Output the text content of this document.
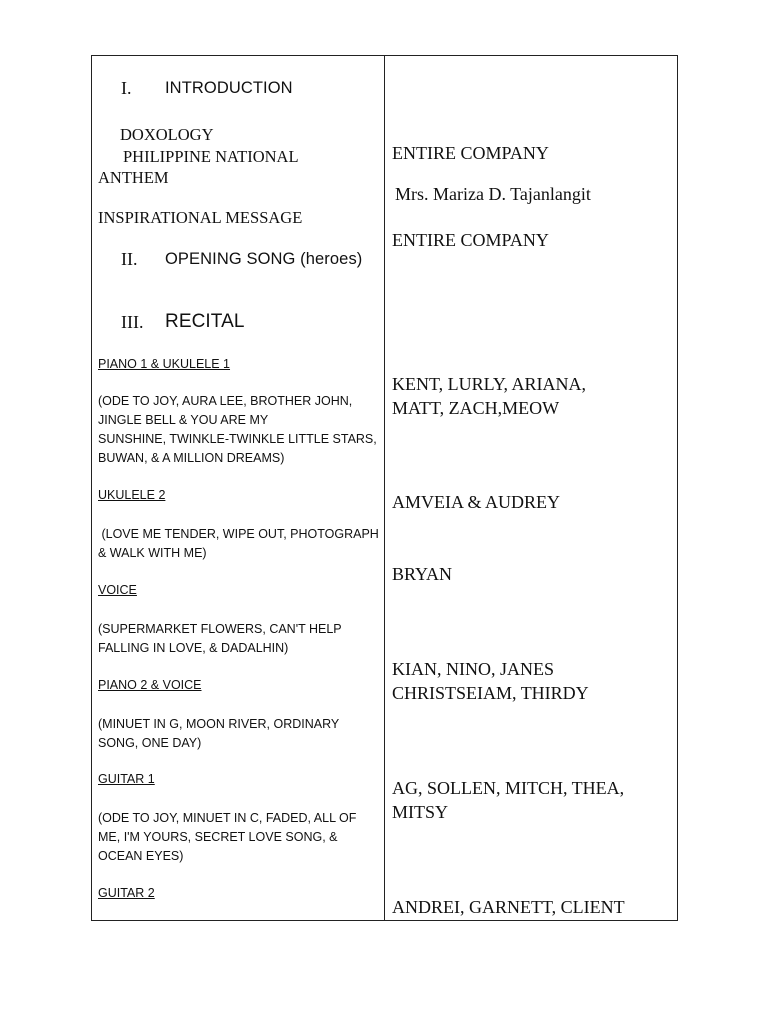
I. INTRODUCTION
DOXOLOGY
PHILIPPINE NATIONAL
ANTHEM
INSPIRATIONAL MESSAGE
II. OPENING SONG (heroes)
III. RECITAL
ENTIRE COMPANY
Mrs. Mariza D. Tajanlangit
ENTIRE COMPANY
PIANO 1 & UKULELE 1
(ODE TO JOY, AURA LEE, BROTHER JOHN,
JINGLE BELL & YOU ARE MY
SUNSHINE, TWINKLE-TWINKLE LITTLE STARS,
BUWAN, & A MILLION DREAMS)
KENT, LURLY, ARIANA,
MATT, ZACH,MEOW
UKULELE 2
(LOVE ME TENDER, WIPE OUT, PHOTOGRAPH
& WALK WITH ME)
AMVEIA & AUDREY
VOICE
(SUPERMARKET FLOWERS, CAN'T HELP
FALLING IN LOVE, & DADALHIN)
BRYAN
PIANO 2 & VOICE
(MINUET IN G, MOON RIVER, ORDINARY
SONG, ONE DAY)
KIAN, NINO, JANES
CHRISTSEIAM, THIRDY
GUITAR 1
(ODE TO JOY, MINUET IN C, FADED, ALL OF
ME, I'M YOURS, SECRET LOVE SONG, &
OCEAN EYES)
AG, SOLLEN, MITCH, THEA,
MITSY
GUITAR 2
ANDREI, GARNETT, CLIENT
